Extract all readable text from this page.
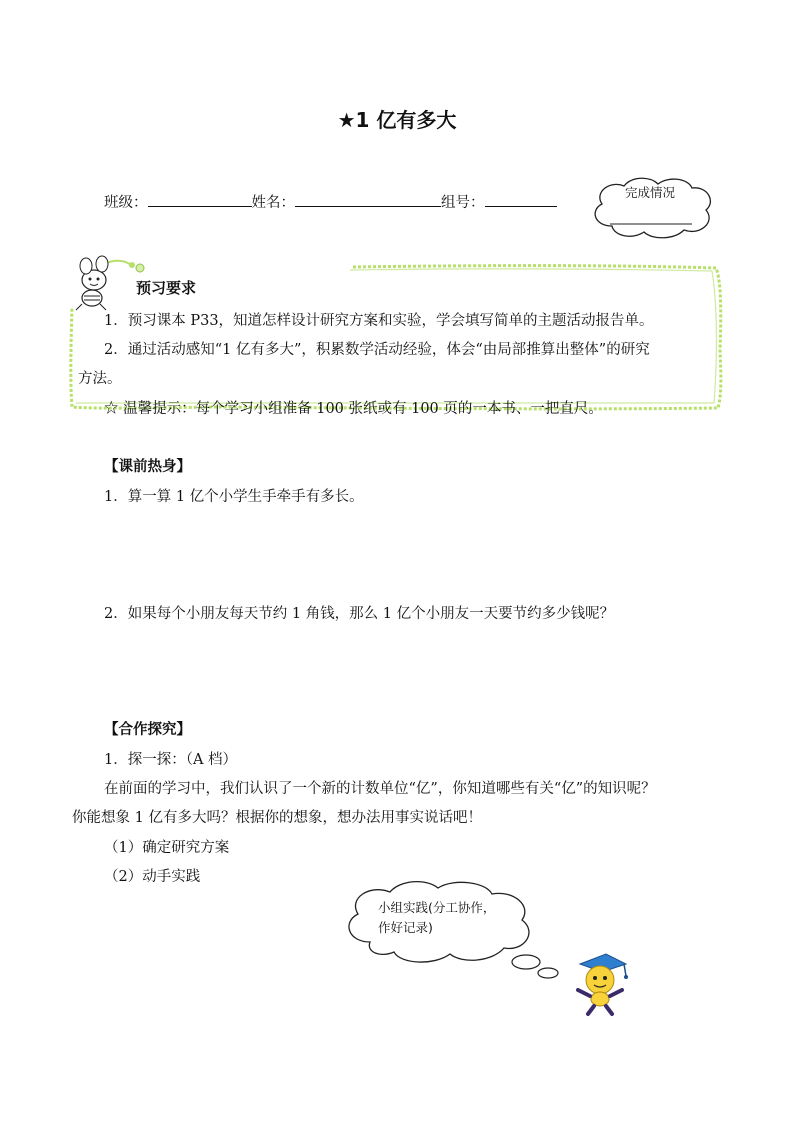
★1 亿有多大
班级：	姓名：	组号：
完成情况
预习要求
1．预习课本 P33，知道怎样设计研究方案和实验，学会填写简单的主题活动报告单。
2．通过活动感知“1 亿有多大”，积累数学活动经验，体会“由局部推算出整体”的研究
方法。
☆ 温馨提示：每个学习小组准备 100 张纸或有 100 页的一本书、一把直尺。
【课前热身】
1．算一算 1 亿个小学生手牵手有多长。
2．如果每个小朋友每天节约 1 角钱，那么 1 亿个小朋友一天要节约多少钱呢？
【合作探究】
1．探一探：（A 档）
在前面的学习中，我们认识了一个新的计数单位“亿”，你知道哪些有关“亿”的知识呢？
你能想象 1 亿有多大吗？根据你的想象，想办法用事实说话吧！
（1）确定研究方案
（2）动手实践
小组实践(分工协作，
作好记录)
